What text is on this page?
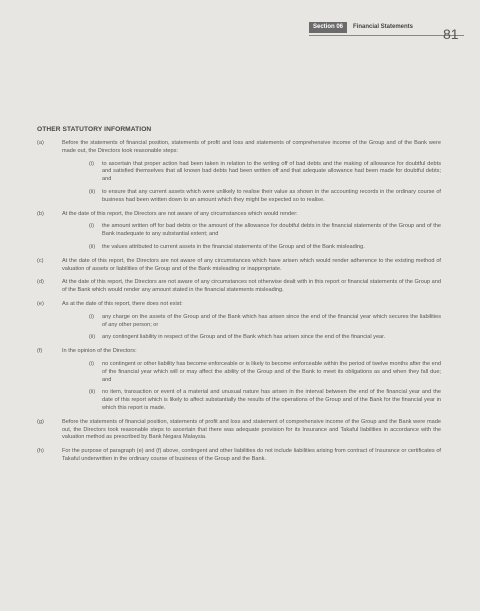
Section 06	Financial Statements 81
OTHER STATUTORY INFORMATION
(a)	Before the statements of financial position, statements of profit and loss and statements of comprehensive income of the Group and of the Bank were made out, the Directors took reasonable steps:
(i) to ascertain that proper action had been taken in relation to the writing off of bad debts and the making of allowance for doubtful debts and satisfied themselves that all known bad debts had been written off and that adequate allowance had been made for doubtful debts; and
(ii) to ensure that any current assets which were unlikely to realise their value as shown in the accounting records in the ordinary course of business had been written down to an amount which they might be expected so to realise.
(b)	At the date of this report, the Directors are not aware of any circumstances which would render:
(i) the amount written off for bad debts or the amount of the allowance for doubtful debts in the financial statements of the Group and of the Bank inadequate to any substantial extent; and
(ii) the values attributed to current assets in the financial statements of the Group and of the Bank misleading.
(c)	At the date of this report, the Directors are not aware of any circumstances which have arisen which would render adherence to the existing method of valuation of assets or liabilities of the Group and of the Bank misleading or inappropriate.
(d)	At the date of this report, the Directors are not aware of any circumstances not otherwise dealt with in this report or financial statements of the Group and of the Bank which would render any amount stated in the financial statements misleading.
(e)	As at the date of this report, there does not exist:
(i) any charge on the assets of the Group and of the Bank which has arisen since the end of the financial year which secures the liabilities of any other person; or
(ii) any contingent liability in respect of the Group and of the Bank which has arisen since the end of the financial year.
(f)	In the opinion of the Directors:
(i) no contingent or other liability has become enforceable or is likely to become enforceable within the period of twelve months after the end of the financial year which will or may affect the ability of the Group and of the Bank to meet its obligations as and when they fall due; and
(ii) no item, transaction or event of a material and unusual nature has arisen in the interval between the end of the financial year and the date of this report which is likely to affect substantially the results of the operations of the Group and of the Bank for the financial year in which this report is made.
(g)	Before the statements of financial position, statements of profit and loss and statement of comprehensive income of the Group and the Bank were made out, the Directors took reasonable steps to ascertain that there was adequate provision for its Insurance and Takaful liabilities in accordance with the valuation method as prescribed by Bank Negara Malaysia.
(h)	For the purpose of paragraph (e) and (f) above, contingent and other liabilities do not include liabilities arising from contract of Insurance or certificates of Takaful underwritten in the ordinary course of business of the Group and the Bank.
